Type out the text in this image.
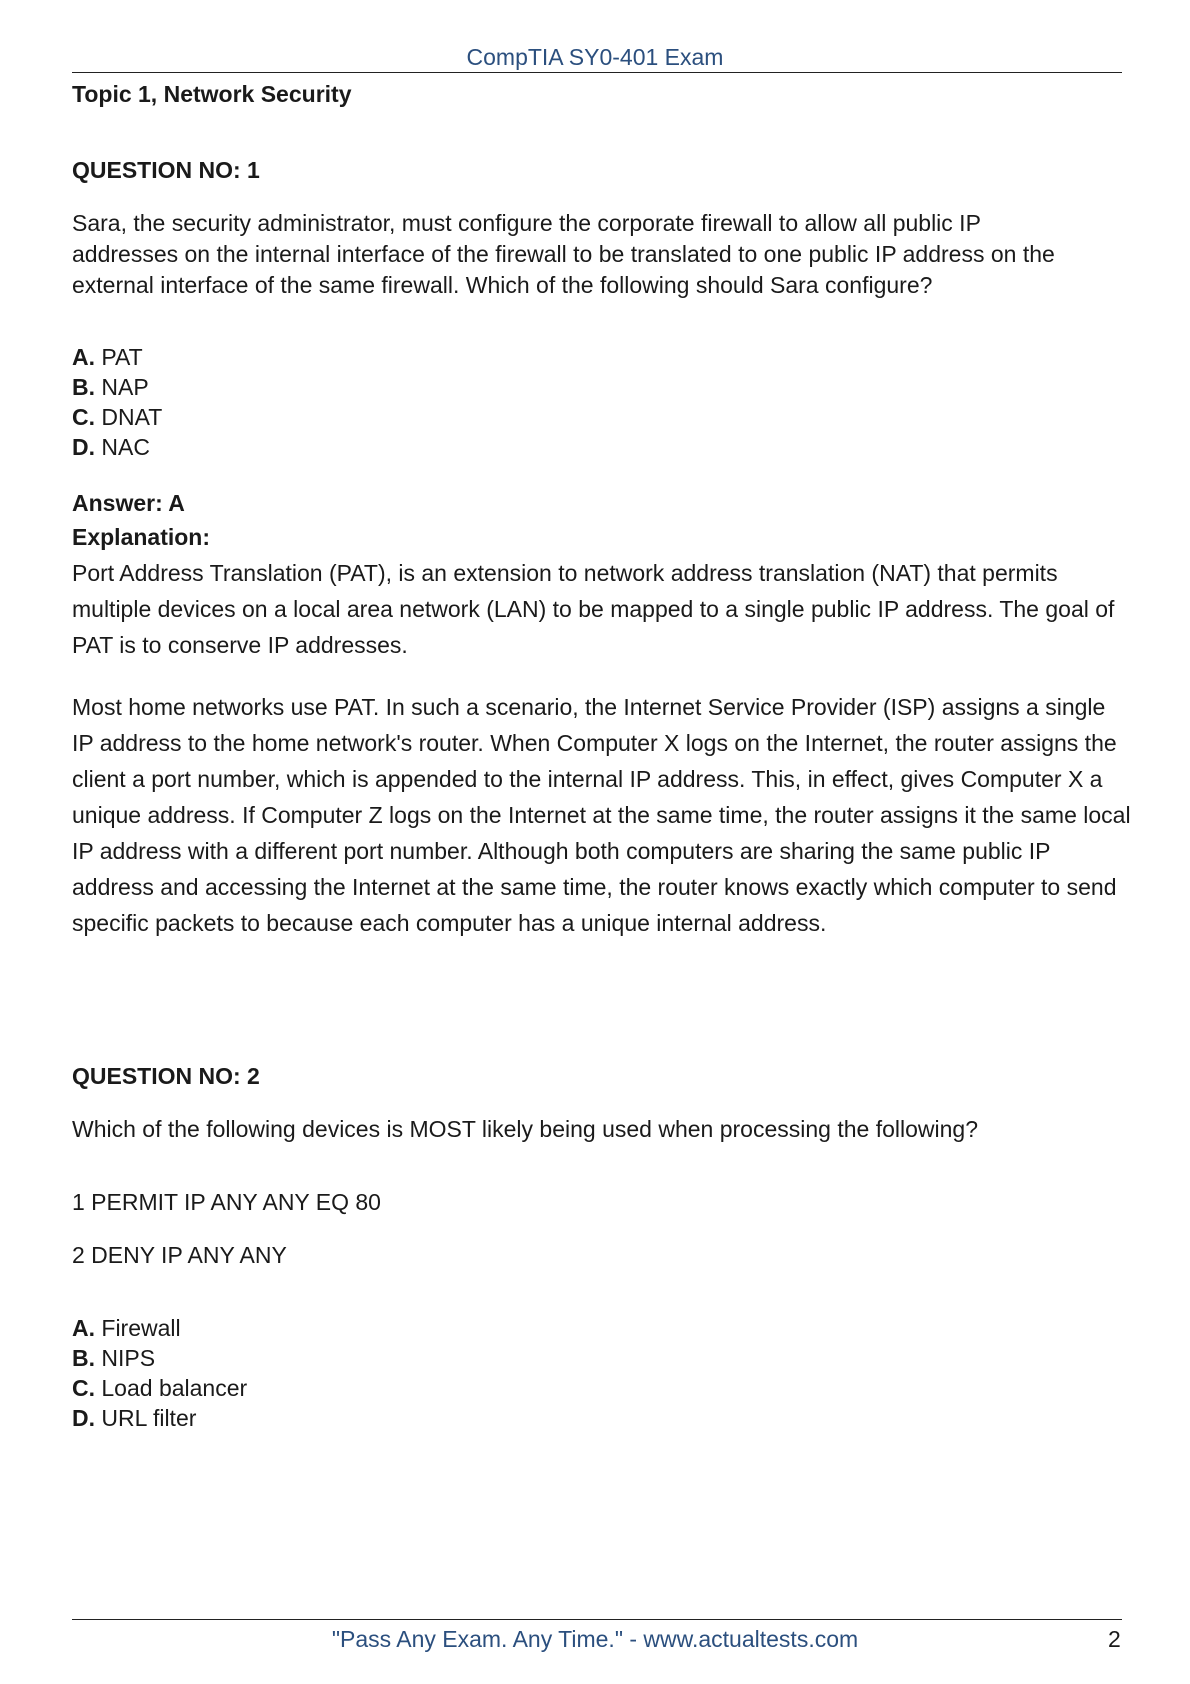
CompTIA SY0-401 Exam
Topic 1, Network Security
QUESTION NO: 1

Sara, the security administrator, must configure the corporate firewall to allow all public IP addresses on the internal interface of the firewall to be translated to one public IP address on the external interface of the same firewall. Which of the following should Sara configure?

A. PAT
B. NAP
C. DNAT
D. NAC
Answer: A
Explanation:

Port Address Translation (PAT), is an extension to network address translation (NAT) that permits multiple devices on a local area network (LAN) to be mapped to a single public IP address. The goal of PAT is to conserve IP addresses.

Most home networks use PAT. In such a scenario, the Internet Service Provider (ISP) assigns a single IP address to the home network's router. When Computer X logs on the Internet, the router assigns the client a port number, which is appended to the internal IP address. This, in effect, gives Computer X a unique address. If Computer Z logs on the Internet at the same time, the router assigns it the same local IP address with a different port number. Although both computers are sharing the same public IP address and accessing the Internet at the same time, the router knows exactly which computer to send specific packets to because each computer has a unique internal address.

QUESTION NO: 2
Which of the following devices is MOST likely being used when processing the following?
1 PERMIT IP ANY ANY EQ 80
2 DENY IP ANY ANY
A. Firewall
B. NIPS
C. Load balancer
D. URL filter
"Pass Any Exam. Any Time." - www.actualtests.com	2
